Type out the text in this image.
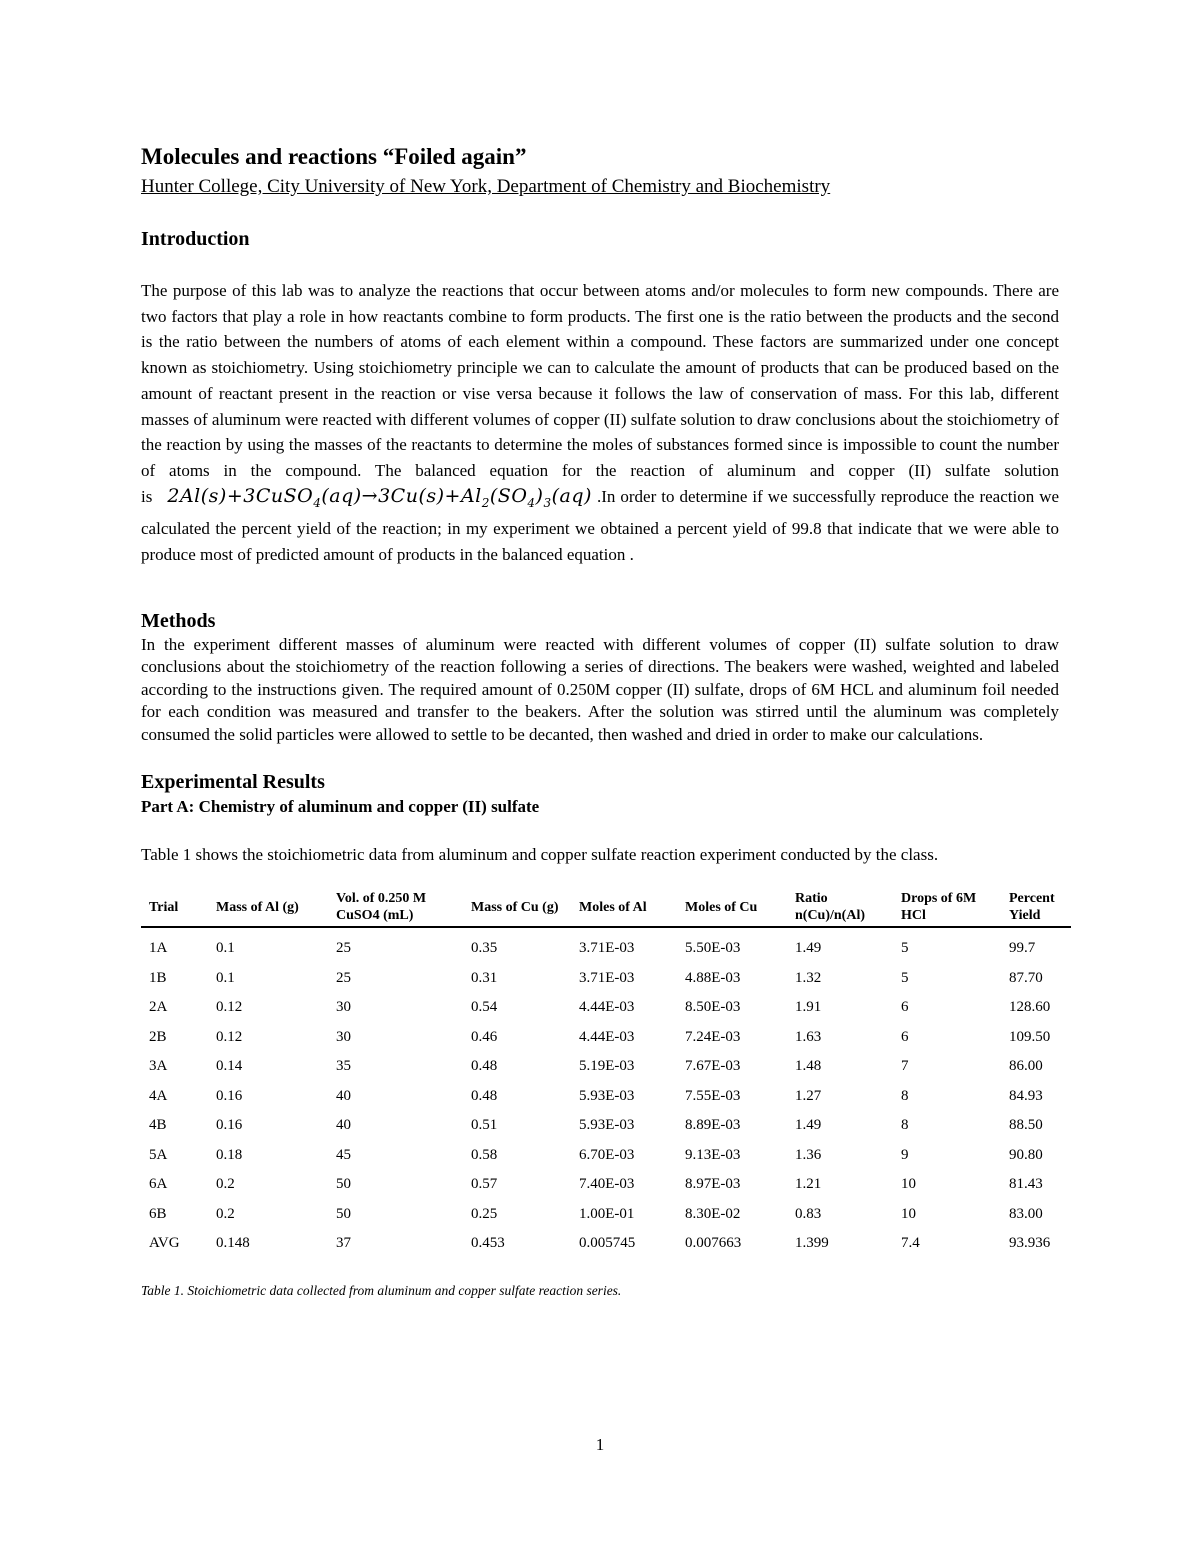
Molecules and reactions “Foiled again”
Hunter College, City University of New York, Department of Chemistry and Biochemistry
Introduction

The purpose of this lab was to analyze the reactions that occur between atoms and/or molecules to form new compounds. There are two factors that play a role in how reactants combine to form products. The first one is the ratio between the products and the second is the ratio between the numbers of atoms of each element within a compound. These factors are summarized under one concept known as stoichiometry. Using stoichiometry principle we can to calculate the amount of products that can be produced based on the amount of reactant present in the reaction or vise versa because it follows the law of conservation of mass. For this lab, different masses of aluminum were reacted with different volumes of copper (II) sulfate solution to draw conclusions about the stoichiometry of the reaction by using the masses of the reactants to determine the moles of substances formed since is impossible to count the number of atoms in the compound. The balanced equation for the reaction of aluminum and copper (II) sulfate solution is $2Al(s)+3CuSO_4(aq)\to 3Cu(s)+Al_2(SO_4)_3(aq)$ .In order to determine if we successfully reproduce the reaction we calculated the percent yield of the reaction; in my experiment we obtained a percent yield of 99.8 that indicate that we were able to produce most of predicted amount of products in the balanced equation .

Methods

In the experiment different masses of aluminum were reacted with different volumes of copper (II) sulfate solution to draw conclusions about the stoichiometry of the reaction following a series of directions. The beakers were washed, weighted and labeled according to the instructions given. The required amount of 0.250M copper (II) sulfate, drops of 6M HCL and aluminum foil needed for each condition was measured and transfer to the beakers. After the solution was stirred until the aluminum was completely consumed the solid particles were allowed to settle to be decanted, then washed and dried in order to make our calculations.

Experimental Results
Part A: Chemistry of aluminum and copper (II) sulfate

Table 1 shows the stoichiometric data from aluminum and copper sulfate reaction experiment conducted by the class.

Trial	Mass of Al (g)	Vol. of 0.250 M CuSO4 (mL)	Mass of Cu (g)	Moles of Al	Moles of Cu	Ratio n(Cu)/n(Al)	Drops of 6M HCl	Percent Yield
1A	0.1	25	0.35	3.71E-03	5.50E-03	1.49	5	99.7
1B	0.1	25	0.31	3.71E-03	4.88E-03	1.32	5	87.70
2A	0.12	30	0.54	4.44E-03	8.50E-03	1.91	6	128.60
2B	0.12	30	0.46	4.44E-03	7.24E-03	1.63	6	109.50
3A	0.14	35	0.48	5.19E-03	7.67E-03	1.48	7	86.00
4A	0.16	40	0.48	5.93E-03	7.55E-03	1.27	8	84.93
4B	0.16	40	0.51	5.93E-03	8.89E-03	1.49	8	88.50
5A	0.18	45	0.58	6.70E-03	9.13E-03	1.36	9	90.80
6A	0.2	50	0.57	7.40E-03	8.97E-03	1.21	10	81.43
6B	0.2	50	0.25	1.00E-01	8.30E-02	0.83	10	83.00
AVG	0.148	37	0.453	0.005745	0.007663	1.399	7.4	93.936
Table 1. Stoichiometric data collected from aluminum and copper sulfate reaction series.
1
